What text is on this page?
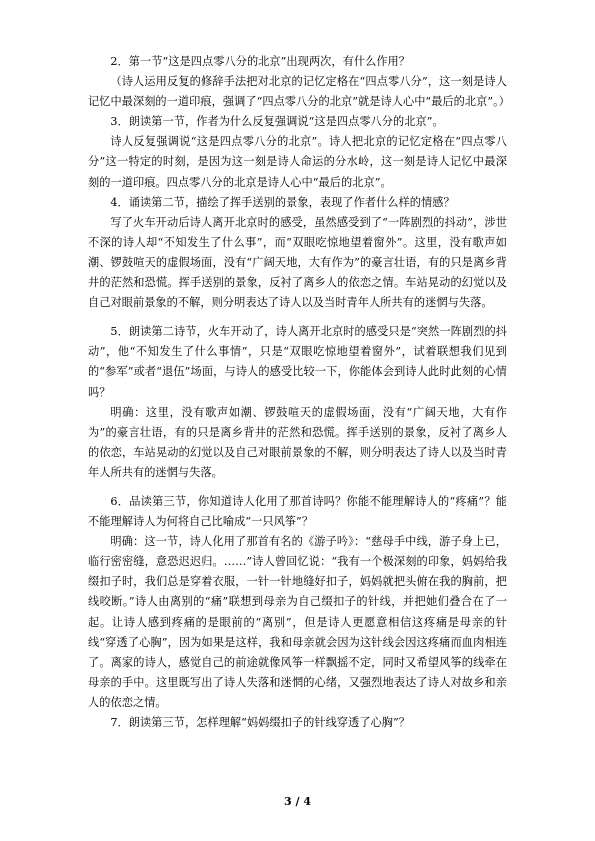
2．第一节“这是四点零八分的北京”出现两次，有什么作用？

（诗人运用反复的修辞手法把对北京的记忆定格在“四点零八分”，这一刻是诗人记忆中最深刻的一道印痕，强调了“四点零八分的北京”就是诗人心中“最后的北京”。）

3．朗读第一节，作者为什么反复强调说“这是四点零八分的北京”。

诗人反复强调说“这是四点零八分的北京”。诗人把北京的记忆定格在“四点零八分”这一特定的时刻，是因为这一刻是诗人命运的分水岭，这一刻是诗人记忆中最深刻的一道印痕。四点零八分的北京是诗人心中“最后的北京”。

4．诵读第二节，描绘了挥手送别的景象，表现了作者什么样的情感？

写了火车开动后诗人离开北京时的感受，虽然感受到了“一阵剧烈的抖动”，涉世不深的诗人却“不知发生了什么事”，而“双眼吃惊地望着窗外”。这里，没有歌声如潮、锣鼓喧天的虚假场面，没有“广阔天地，大有作为”的豪言壮语，有的只是离乡背井的茫然和恐慌。挥手送别的景象，反衬了离乡人的依恋之情。车站晃动的幻觉以及自己对眼前景象的不解，则分明表达了诗人以及当时青年人所共有的迷惘与失落。

5．朗读第二诗节，火车开动了，诗人离开北京时的感受只是“突然一阵剧烈的抖动”，他“不知发生了什么事情”，只是“双眼吃惊地望着窗外”，试着联想我们见到的“参军”或者“退伍”场面，与诗人的感受比较一下，你能体会到诗人此时此刻的心情吗？

明确：这里，没有歌声如潮、锣鼓喧天的虚假场面，没有“广阔天地，大有作为”的豪言壮语，有的只是离乡背井的茫然和恐慌。挥手送别的景象，反衬了离乡人的依恋，车站晃动的幻觉以及自己对眼前景象的不解，则分明表达了诗人以及当时青年人所共有的迷惘与失落。

6．品读第三节，你知道诗人化用了那首诗吗？你能不能理解诗人的“疼痛”？能不能理解诗人为何将自己比喻成“一只风筝”？

明确：这一节，诗人化用了那首有名的《游子吟》：“慈母手中线，游子身上已，临行密密缝，意恐迟迟归。……”诗人曾回忆说：“我有一个极深刻的印象，妈妈给我缀扣子时，我们总是穿着衣服，一针一针地缝好扣子，妈妈就把头俯在我的胸前，把线咬断。”诗人由离别的“痛”联想到母亲为自己缀扣子的针线，并把她们叠合在了一起。让诗人感到疼痛的是眼前的“离别”，但是诗人更愿意相信这疼痛是母亲的针线“穿透了心胸”，因为如果是这样，我和母亲就会因为这针线会因这疼痛而血肉相连了。离家的诗人，感觉自己的前途就像风筝一样飘摇不定，同时又希望风筝的线牵在母亲的手中。这里既写出了诗人失落和迷惘的心绪，又强烈地表达了诗人对故乡和亲人的依恋之情。

7．朗读第三节，怎样理解“妈妈缀扣子的针线穿透了心胸”？

3 / 4
